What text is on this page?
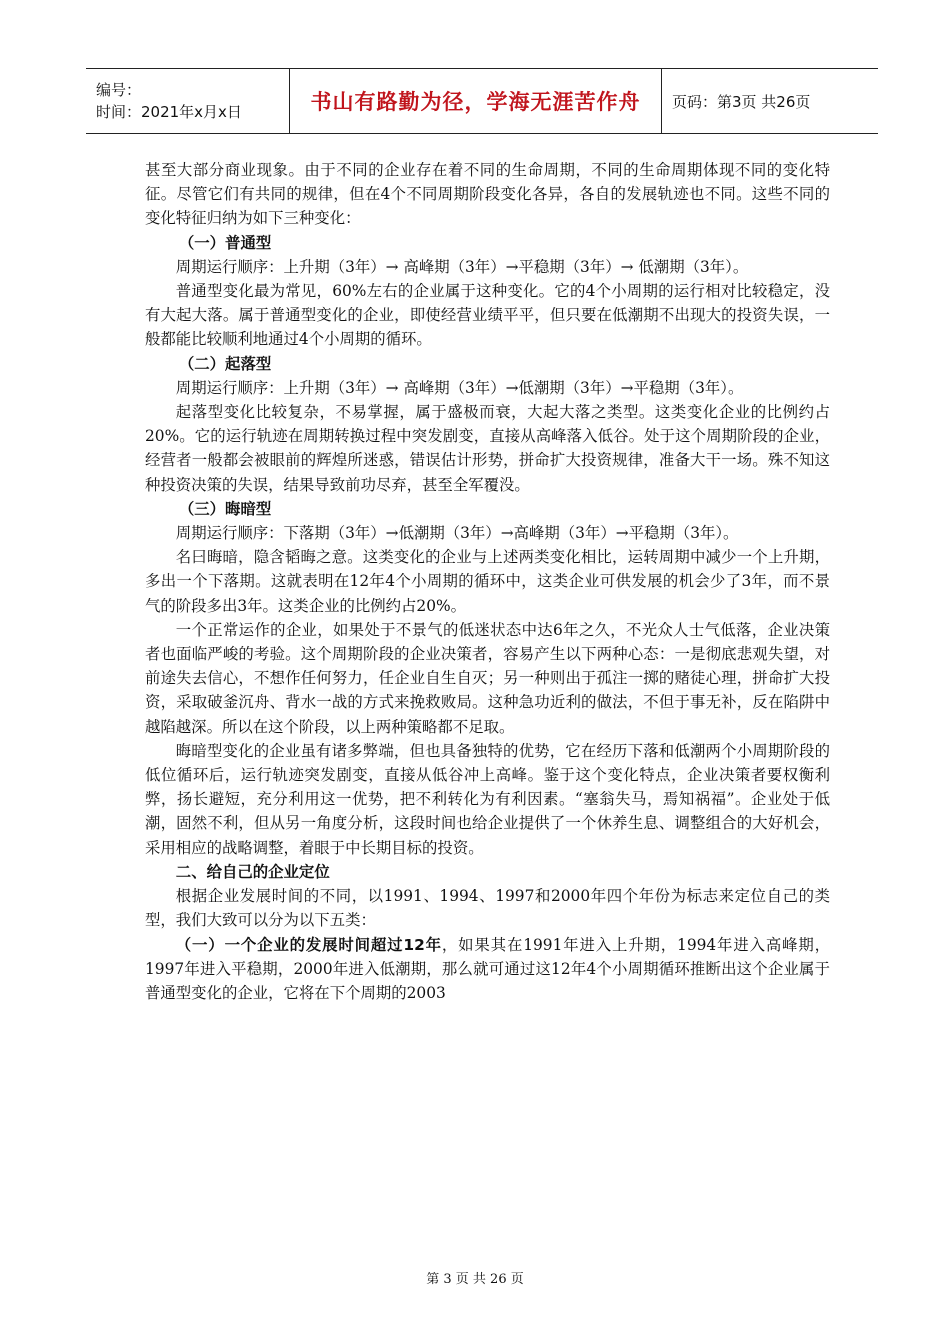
编号：
时间：2021年x月x日	书山有路勤为径，学海无涯苦作舟 页码：第3页 共26页

甚至大部分商业现象。由于不同的企业存在着不同的生命周期，不同的生命周期体现不同的变化特征。尽管它们有共同的规律，但在4个不同周期阶段变化各异，各自的发展轨迹也不同。这些不同的变化特征归纳为如下三种变化：

（一）普通型

周期运行顺序：上升期（3年）→ 高峰期（3年）→平稳期（3年）→ 低潮期（3年）。

普通型变化最为常见，60%左右的企业属于这种变化。它的4个小周期的运行相对比较稳定，没有大起大落。属于普通型变化的企业，即使经营业绩平平，但只要在低潮期不出现大的投资失误，一般都能比较顺利地通过4个小周期的循环。

（二）起落型

周期运行顺序：上升期（3年）→ 高峰期（3年）→低潮期（3年）→平稳期（3年）。

起落型变化比较复杂，不易掌握，属于盛极而衰，大起大落之类型。这类变化企业的比例约占20%。它的运行轨迹在周期转换过程中突发剧变，直接从高峰落入低谷。处于这个周期阶段的企业，经营者一般都会被眼前的辉煌所迷惑，错误估计形势，拼命扩大投资规律，准备大干一场。殊不知这种投资决策的失误，结果导致前功尽弃，甚至全军覆没。

（三）晦暗型

周期运行顺序：下落期（3年）→低潮期（3年）→高峰期（3年）→平稳期（3年）。

名曰晦暗，隐含韬晦之意。这类变化的企业与上述两类变化相比，运转周期中减少一个上升期，多出一个下落期。这就表明在12年4个小周期的循环中，这类企业可供发展的机会少了3年，而不景气的阶段多出3年。这类企业的比例约占20%。

一个正常运作的企业，如果处于不景气的低迷状态中达6年之久，不光众人士气低落，企业决策者也面临严峻的考验。这个周期阶段的企业决策者，容易产生以下两种心态：一是彻底悲观失望，对前途失去信心，不想作任何努力，任企业自生自灭；另一种则出于孤注一掷的赌徒心理，拼命扩大投资，采取破釜沉舟、背水一战的方式来挽救败局。这种急功近利的做法，不但于事无补，反在陷阱中越陷越深。所以在这个阶段，以上两种策略都不足取。

晦暗型变化的企业虽有诸多弊端，但也具备独特的优势，它在经历下落和低潮两个小周期阶段的低位循环后，运行轨迹突发剧变，直接从低谷冲上高峰。鉴于这个变化特点，企业决策者要权衡利弊，扬长避短，充分利用这一优势，把不利转化为有利因素。“塞翁失马，焉知祸福”。企业处于低潮，固然不利，但从另一角度分析，这段时间也给企业提供了一个休养生息、调整组合的大好机会，采用相应的战略调整，着眼于中长期目标的投资。

二、给自己的企业定位

根据企业发展时间的不同，以1991、1994、1997和2000年四个年份为标志来定位自己的类型，我们大致可以分为以下五类：

（一）一个企业的发展时间超过12年，如果其在1991年进入上升期，1994年进入高峰期，1997年进入平稳期，2000年进入低潮期，那么就可通过这12年4个小周期循环推断出这个企业属于普通型变化的企业，它将在下个周期的2003

第 3 页 共 26 页
